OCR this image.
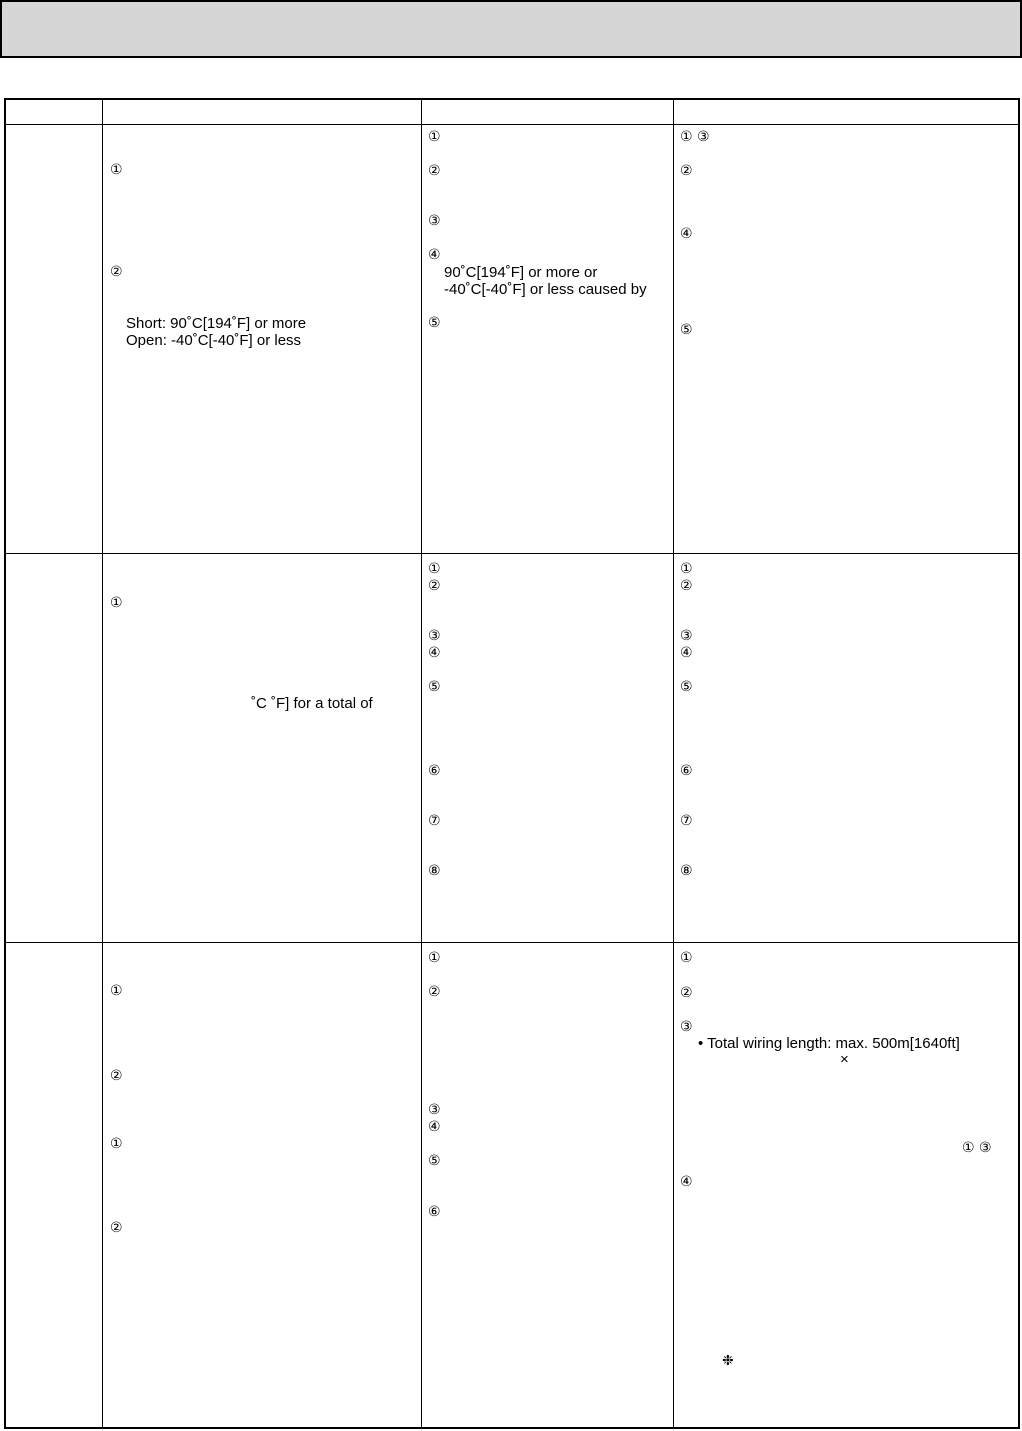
①
②
Short: 90˚C[194˚F] or more
Open: -40˚C[-40˚F] or less
①
②
③
④
90˚C[194˚F] or more or
-40˚C[-40˚F] or less caused by
⑤
① ③
②
④
⑤
①
˚C ˚F] for a total of
①
②
③
④
⑤
⑥
⑦
⑧
①
②
③
④
⑤
⑥
⑦
⑧
①
②
①
②
①
②
③
④
⑤
⑥
①
②
③
• Total wiring length: max. 500m[1640ft]
×
① ③
④
❉
